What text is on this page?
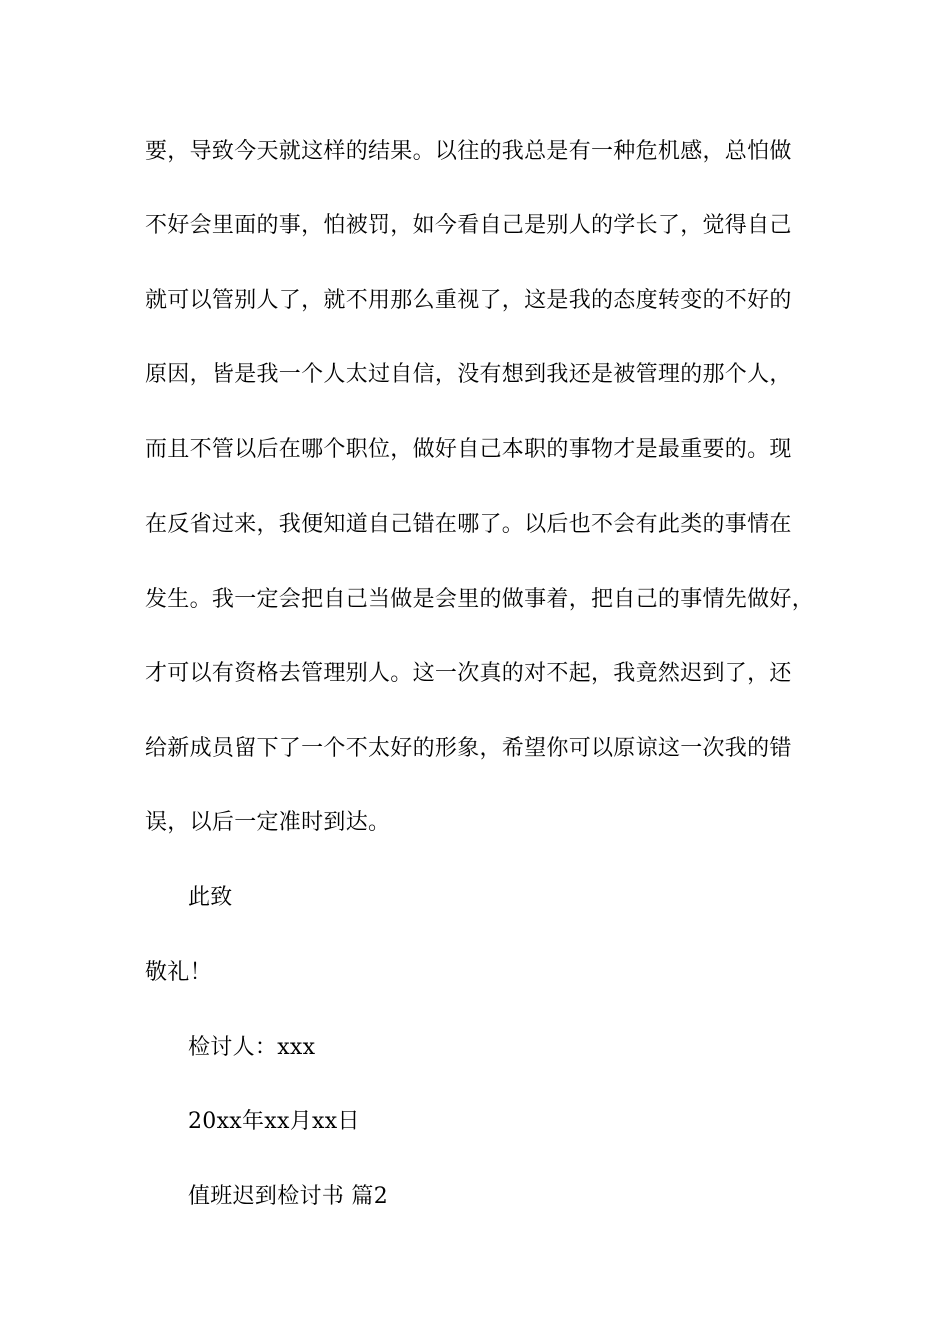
要，导致今天就这样的结果。以往的我总是有一种危机感，总怕做
不好会里面的事，怕被罚，如今看自己是别人的学长了，觉得自己
就可以管别人了，就不用那么重视了，这是我的态度转变的不好的
原因，皆是我一个人太过自信，没有想到我还是被管理的那个人，
而且不管以后在哪个职位，做好自己本职的事物才是最重要的。现
在反省过来，我便知道自己错在哪了。以后也不会有此类的事情在
发生。我一定会把自己当做是会里的做事着，把自己的事情先做好，
才可以有资格去管理别人。这一次真的对不起，我竟然迟到了，还
给新成员留下了一个不太好的形象，希望你可以原谅这一次我的错
误，以后一定准时到达。
此致
敬礼！
检讨人：xxx
20xx年xx月xx日
值班迟到检讨书 篇2
